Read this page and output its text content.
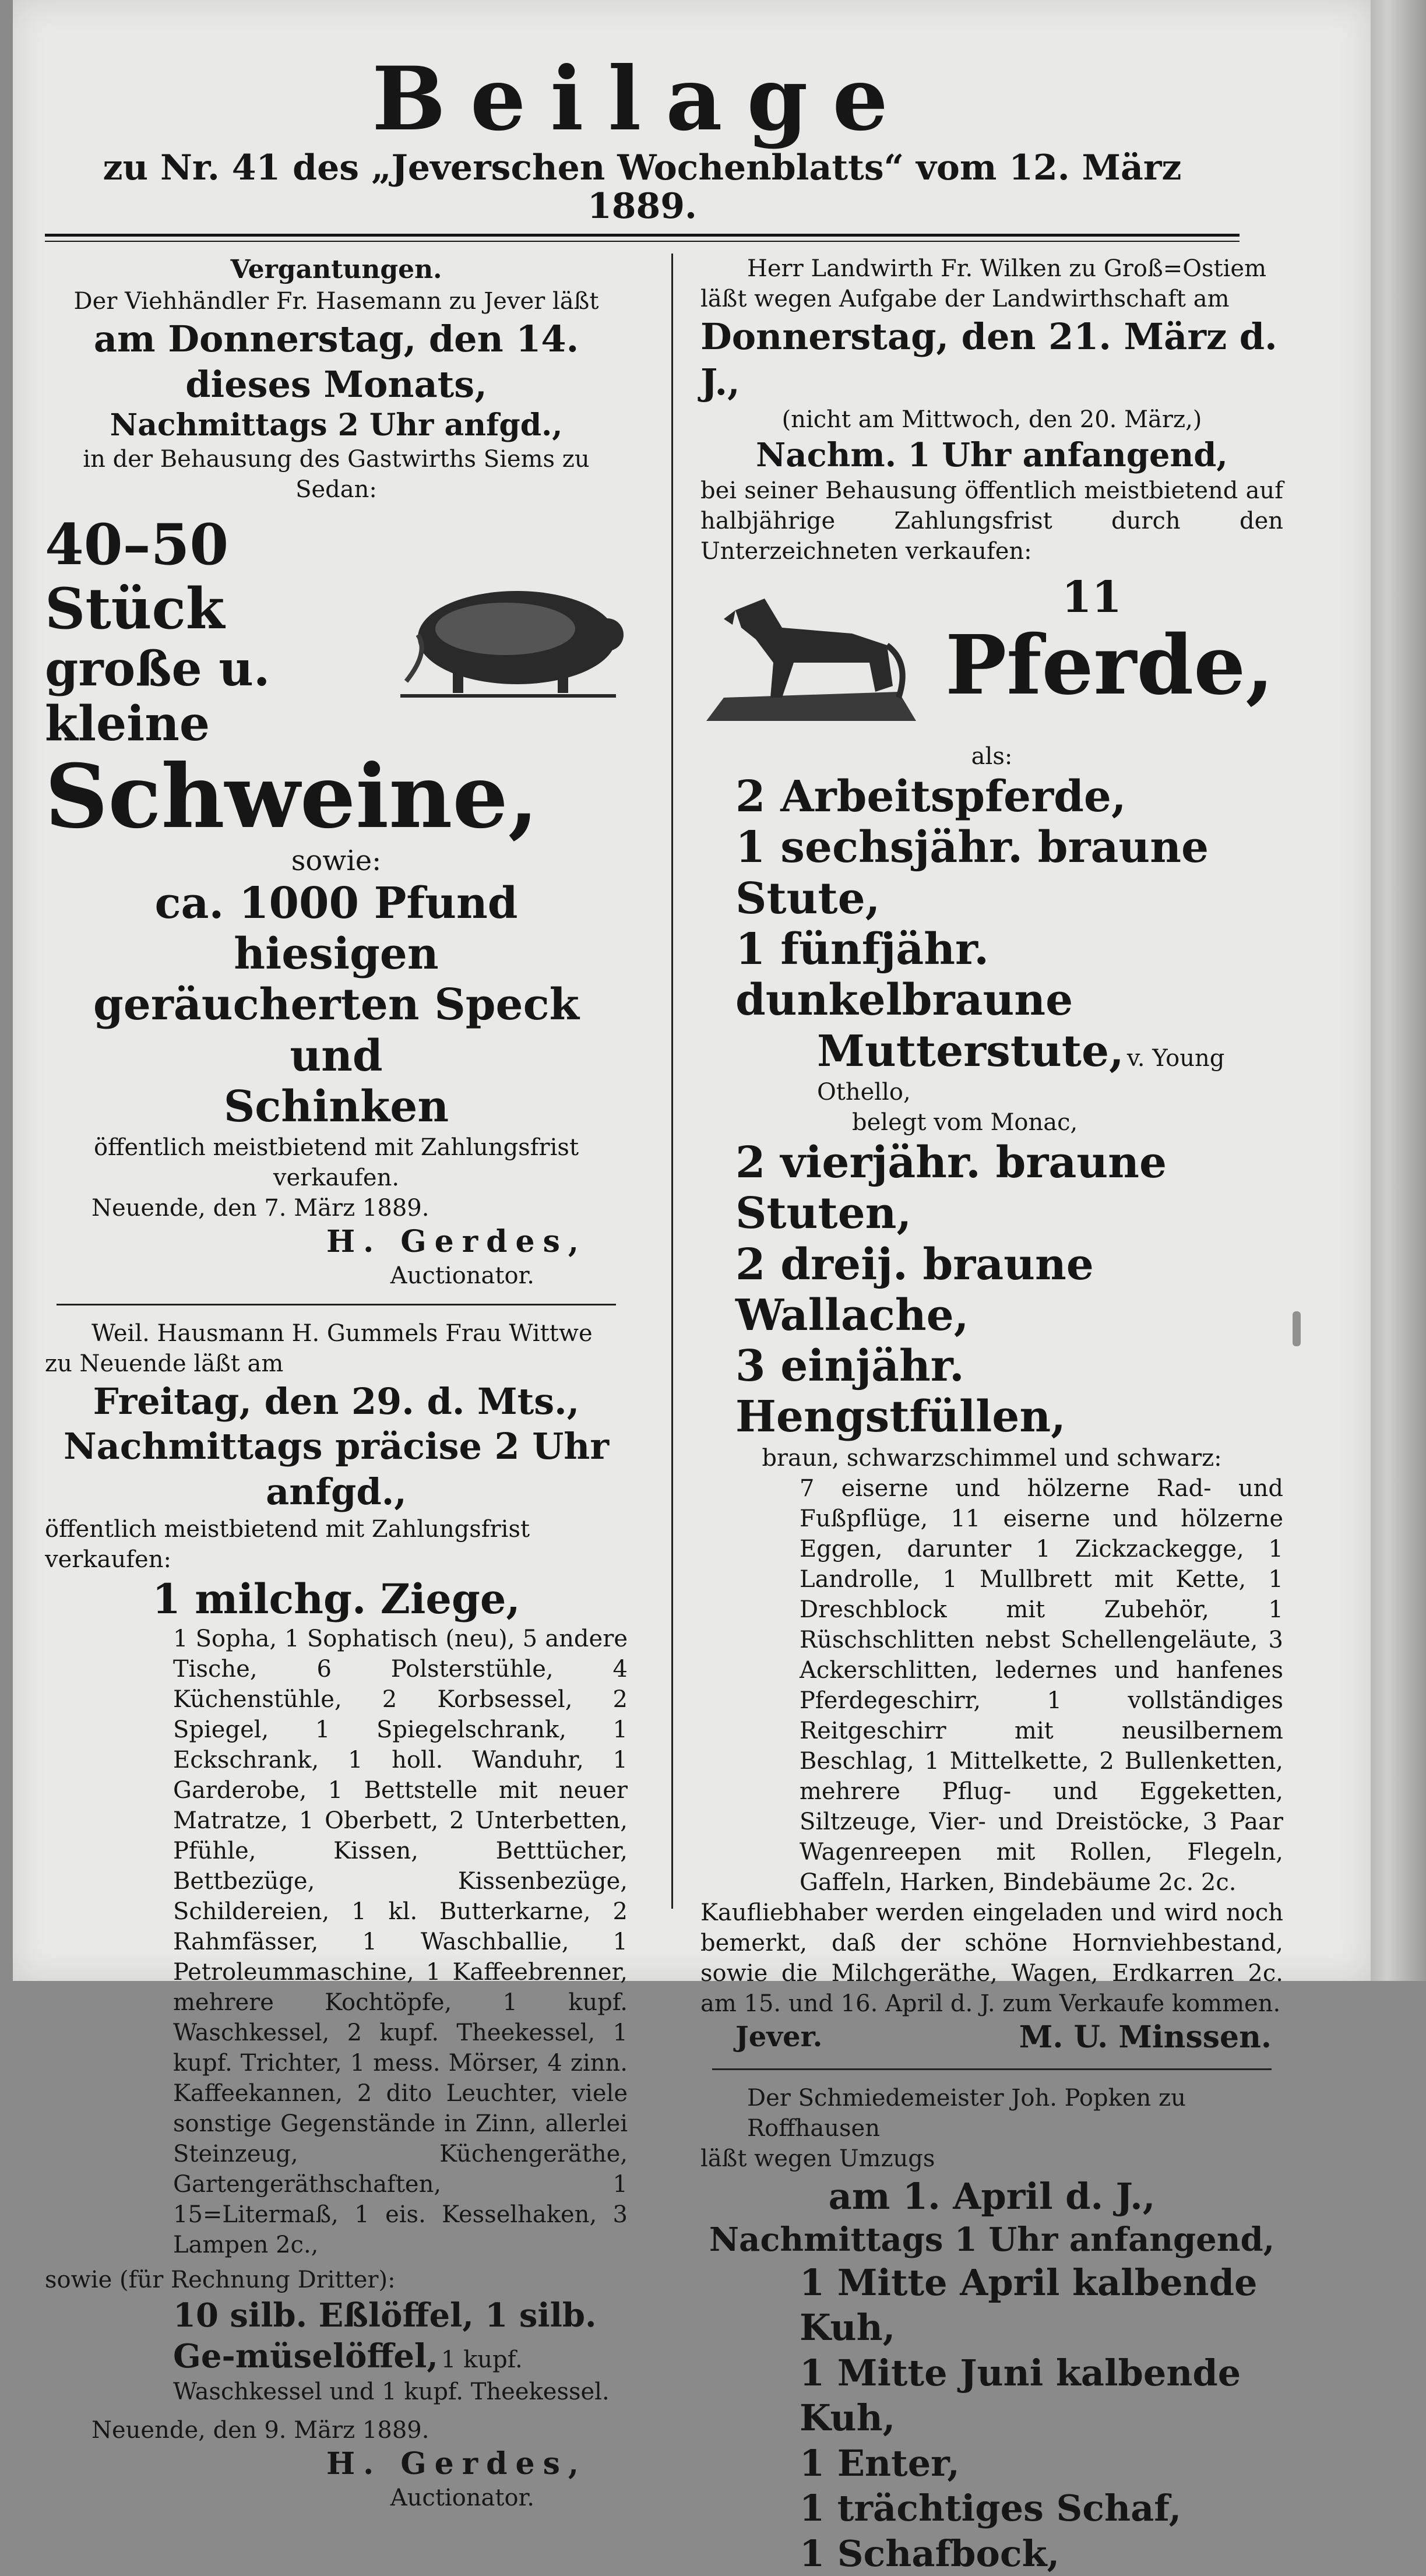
Beilage
zu Nr. 41 des „Jeverschen Wochenblatts“ vom 12. März 1889.
Vergantungen.
Der Viehhändler Fr. Hasemann zu Jever läßt
am Donnerstag, den 14. dieses Monats,
Nachmittags 2 Uhr anfgd.,
in der Behausung des Gastwirths Siems zu Sedan:
40–50 Stück
große u. kleine
Schweine,
sowie:
ca. 1000 Pfund hiesigen
geräucherten Speck und
Schinken
öffentlich meistbietend mit Zahlungsfrist verkaufen.
Neuende, den 7. März 1889.
H. Gerdes,
Auctionator.
Weil. Hausmann H. Gummels Frau Wittwe
zu Neuende läßt am
Freitag, den 29. d. Mts.,
Nachmittags präcise 2 Uhr anfgd.,
öffentlich meistbietend mit Zahlungsfrist verkaufen:
1 milchg. Ziege,

1 Sopha, 1 Sophatisch (neu), 5 andere Tische, 6 Polsterstühle, 4 Küchenstühle, 2 Korbsessel, 2 Spiegel, 1 Spiegelschrank, 1 Eckschrank, 1 holl. Wanduhr, 1 Garderobe, 1 Bettstelle mit neuer Matratze, 1 Oberbett, 2 Unterbetten, Pfühle, Kissen, Betttücher, Bettbezüge, Kissenbezüge, Schildereien, 1 kl. Butterkarne, 2 Rahmfässer, 1 Waschballie, 1 Petroleummaschine, 1 Kaffeebrenner, mehrere Kochtöpfe, 1 kupf. Waschkessel, 2 kupf. Theekessel, 1 kupf. Trichter, 1 mess. Mörser, 4 zinn. Kaffeekannen, 2 dito Leuchter, viele sonstige Gegenstände in Zinn, allerlei Steinzeug, Küchengeräthe, Gartengeräthschaften, 1 15=Litermaß, 1 eis. Kesselhaken, 3 Lampen 2c.,

sowie (für Rechnung Dritter):
10 silb. Eßlöffel, 1 silb. Ge-müselöffel, 1 kupf. Waschkessel und 1 kupf. Theekessel.
Neuende, den 9. März 1889.
H. Gerdes,
Auctionator.
Herr Landwirth Fr. Wilken zu Groß=Ostiem
läßt wegen Aufgabe der Landwirthschaft am
Donnerstag, den 21. März d. J.,
(nicht am Mittwoch, den 20. März,)
Nachm. 1 Uhr anfangend,

bei seiner Behausung öffentlich meistbietend auf halbjährige Zahlungsfrist durch den Unterzeichneten verkaufen:

11
Pferde,
als:
2 Arbeitspferde,
1 sechsjähr. braune Stute,
1 fünfjähr. dunkelbraune
Mutterstute, v. Young Othello,
belegt vom Monac,
2 vierjähr. braune Stuten,
2 dreij. braune Wallache,
3 einjähr. Hengstfüllen,
braun, schwarzschimmel und schwarz:

7 eiserne und hölzerne Rad- und Fußpflüge, 11 eiserne und hölzerne Eggen, darunter 1 Zickzackegge, 1 Landrolle, 1 Mullbrett mit Kette, 1 Dreschblock mit Zubehör, 1 Rüschschlitten nebst Schellengeläute, 3 Ackerschlitten, ledernes und hanfenes Pferdegeschirr, 1 vollständiges Reitgeschirr mit neusilbernem Beschlag, 1 Mittelkette, 2 Bullenketten, mehrere Pflug- und Eggeketten, Siltzeuge, Vier- und Dreistöcke, 3 Paar Wagenreepen mit Rollen, Flegeln, Gaffeln, Harken, Bindebäume 2c. 2c.

Kaufliebhaber werden eingeladen und wird noch bemerkt, daß der schöne Hornviehbestand, sowie die Milchgeräthe, Wagen, Erdkarren 2c. am 15. und 16. April d. J. zum Verkaufe kommen.

Jever.	M. U. Minssen.
Der Schmiedemeister Joh. Popken zu Roffhausen
läßt wegen Umzugs
am 1. April d. J.,
Nachmittags 1 Uhr anfangend,
1 Mitte April kalbende Kuh,
1 Mitte Juni kalbende Kuh,
1 Enter,
1 trächtiges Schaf,
1 Schafbock,
